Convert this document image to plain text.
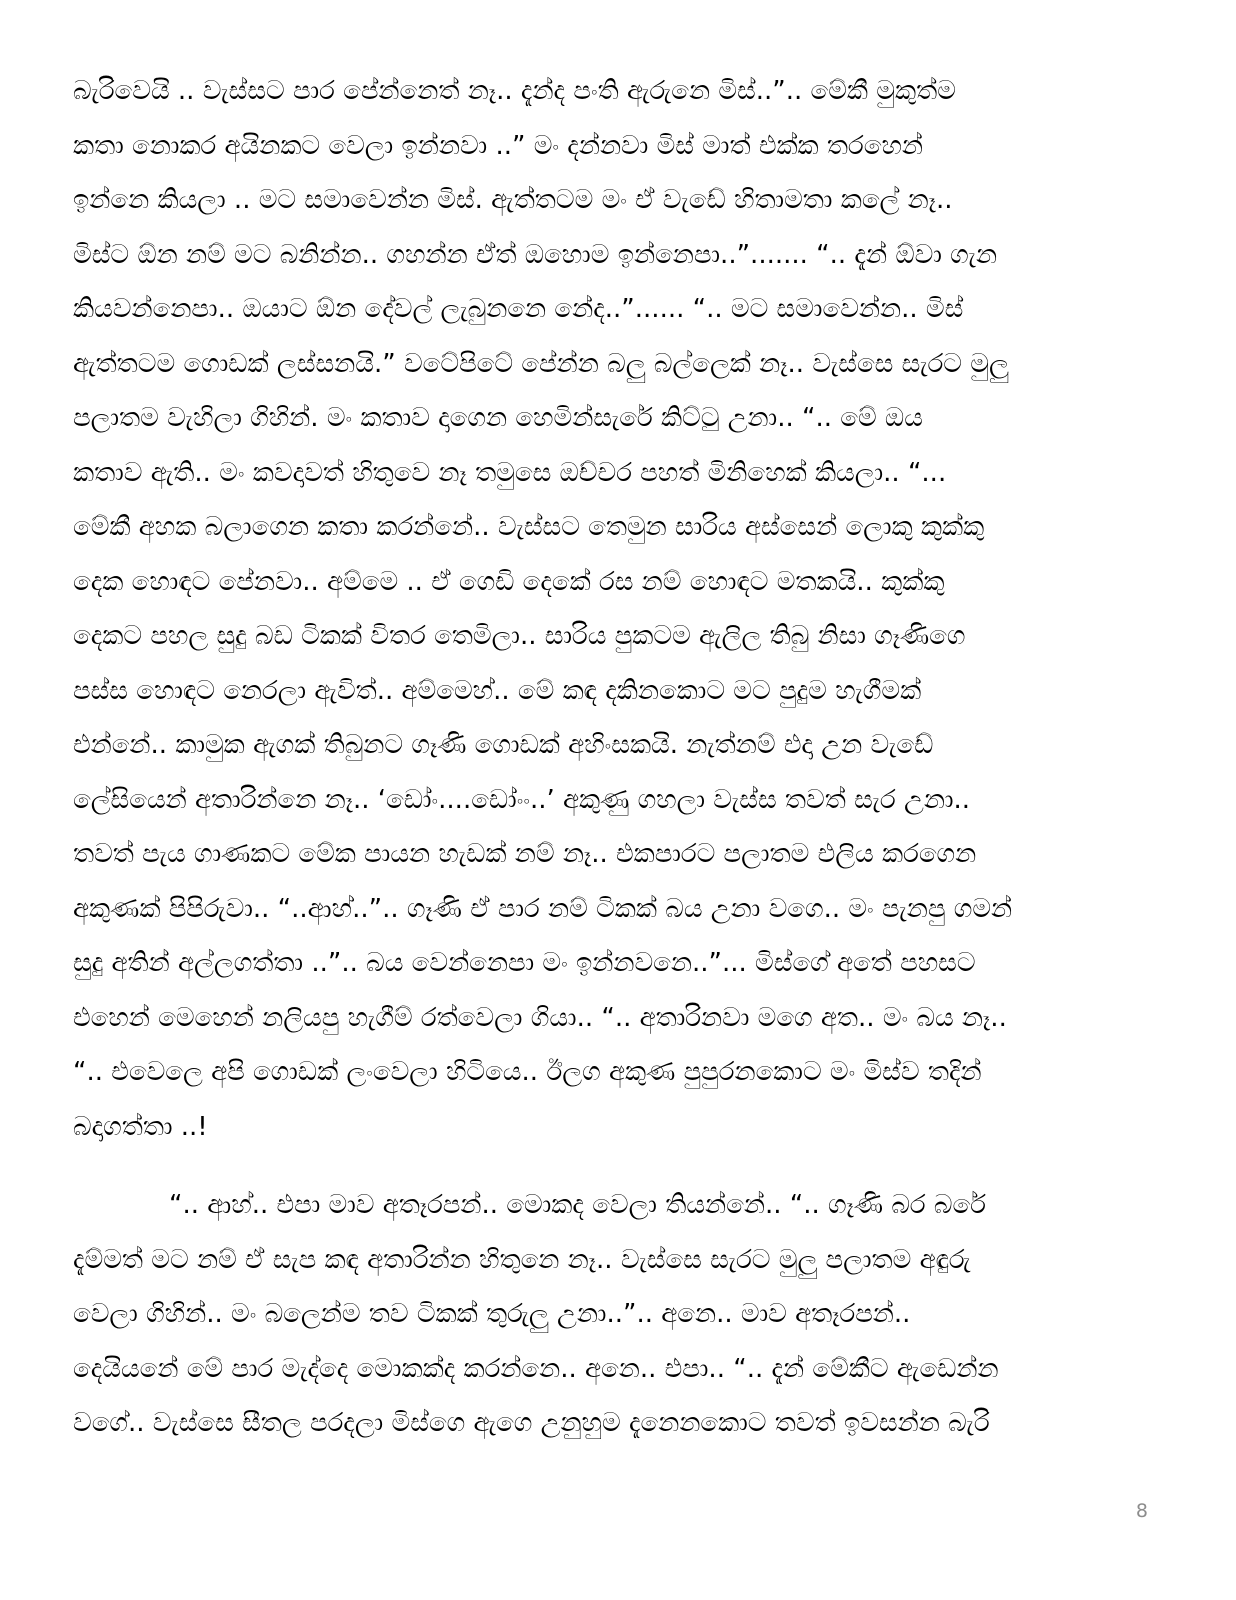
බැරිවෙයි .. වැස්සට පාර පේන්නෙත් නෑ.. දැන්ද පංති ඇරුනෙ මිස්..”.. මේකී මුකුත්ම
කතා නොකර අයිනකට වෙලා ඉන්නවා ..” මං දන්නවා මිස් මාත් එක්ක තරහෙන්
ඉන්නෙ කියලා .. මට සමාවෙන්න මිස්. ඇත්තටම මං ඒ වැඩේ හිතාමතා කලේ නෑ..
මිස්ට ඕන නම් මට බනින්න.. ගහන්න ඒත් ඔහොම ඉන්නෙපා..”....... “.. දැන් ඕවා ගැන
කියවන්නෙපා.. ඔයාට ඕන දේවල් ලැබුනනෙ නේද..”...... “.. මට සමාවෙන්න.. මිස්
ඇත්තටම ගොඩක් ලස්සනයි.” වටේපිටේ පේන්න බලු බල්ලෙක් නෑ.. වැස්සෙ සැරට මුලු
පලාතම වැහිලා ගිහින්. මං කතාව දාගෙන හෙමින්සැරේ කිට්ටු උනා.. “.. මේ ඔය
කතාව ඇති.. මං කවදාවත් හිතුවෙ නෑ තමුසෙ ඔච්චර පහත් මිනිහෙක් කියලා.. “...
මේකී අහක බලාගෙන කතා කරන්නේ.. වැස්සට තෙමුන සාරිය අස්සෙන් ලොකු කුක්කු
දෙක හොඳට පේනවා.. අම්මෙ .. ඒ ගෙඩි දෙකේ රස නම් හොඳට මතකයි.. කුක්කු
දෙකට පහල සුදු බඩ ටිකක් විතර තෙමිලා.. සාරිය පුකටම ඇලිල තිබු නිසා ගෑණිගෙ
පස්ස හොඳට නෙරලා ඇවිත්.. අම්මෙහ්.. මේ කඳ දකිනකොට මට පුදුම හැගීමක්
එන්නේ.. කාමුක ඇගක් තිබුනට ගෑණි ගොඩක් අහිංසකයි. නැත්නම් එදා උන වැඩේ
ලේසියෙන් අතාරින්නෙ නෑ.. ‘ඩෝං....ඩෝංං..’ අකුණු ගහලා වැස්ස තවත් සැර උනා..
තවත් පැය ගාණකට මේක පායන හැඩක් නම් නෑ.. එකපාරට පලාතම එලිය කරගෙන
අකුණක් පිපිරුවා.. “..ආහ්..”.. ගෑණි ඒ පාර නම් ටිකක් බය උනා වගෙ.. මං පැනපු ගමන්
සුදු අතින් අල්ලගත්තා ..”.. බය වෙන්නෙපා මං ඉන්නවනෙ..”... මිස්ගේ අතේ පහසට
එහෙන් මෙහෙන් නලියපු හැගීම් රත්වෙලා ගියා.. “.. අතාරිනවා මගෙ අත.. මං බය නෑ..
“.. එවෙලෙ අපි ගොඩක් ලංවෙලා හිටියෙ.. ඊලග අකුණ පුපුරනකොට මං මිස්ව තදින්
බදාගත්තා ..!
“.. ආහ්.. එපා මාව අතෑරපන්.. මොකද වෙලා තියන්නේ.. “.. ගෑණි බර බරේ
දැම්මත් මට නම් ඒ සැප කඳ අතාරින්න හිතුනෙ නෑ.. වැස්සෙ සැරට මුලු පලාතම අඳුරු
වෙලා ගිහින්.. මං බලෙන්ම තව ටිකක් තුරුලු උනා..”.. අනෙ.. මාව අතෑරපන්..
දෙයියනේ මේ පාර මැද්දෙ මොකක්ද කරන්නෙ.. අනෙ.. එපා.. “.. දැන් මේකීට ඇඩෙන්න
වගේ.. වැස්සෙ සීතල පරදලා මිස්ගෙ ඇගෙ උනුහුම දැනෙනකොට තවත් ඉවසන්න බැරි
8
